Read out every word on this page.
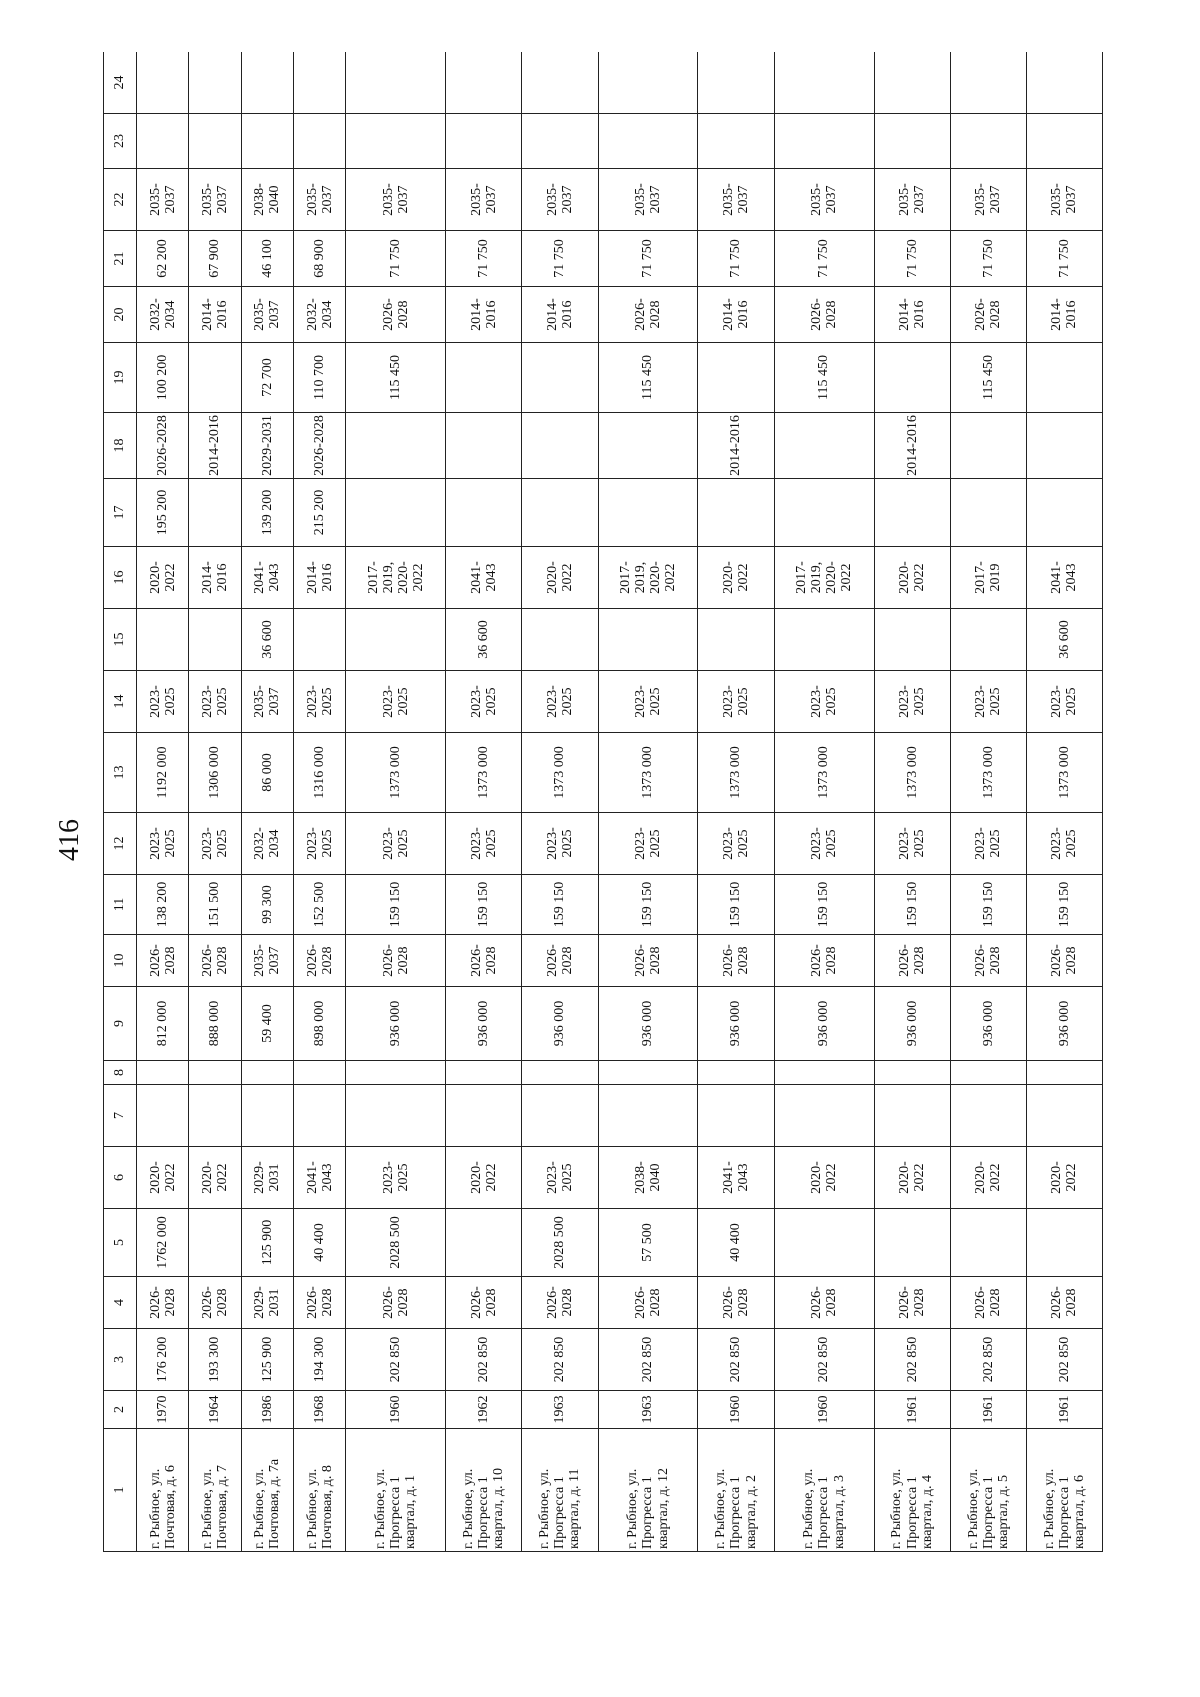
416
1	2	3	4	5	6	7	8	9	10	11	12	13	14	15	16	17	18	19	20	21	22	23	24
г. Рыбное, ул. Почтовая, д. 6	1970	176 200	2026-2028	1762 000	2020-2022			812 000	2026-2028	138 200	2023-2025	1192 000	2023-2025		2020-2022	195 200	2026-2028	100 200	2032-2034	62 200	2035-2037		
г. Рыбное, ул. Почтовая, д. 7	1964	193 300	2026-2028		2020-2022			888 000	2026-2028	151 500	2023-2025	1306 000	2023-2025		2014-2016		2014-2016		2014-2016	67 900	2035-2037		
г. Рыбное, ул. Почтовая, д. 7а	1986	125 900	2029-2031	125 900	2029-2031			59 400	2035-2037	99 300	2032-2034	86 000	2035-2037	36 600	2041-2043	139 200	2029-2031	72 700	2035-2037	46 100	2038-2040		
г. Рыбное, ул. Почтовая, д. 8	1968	194 300	2026-2028	40 400	2041-2043			898 000	2026-2028	152 500	2023-2025	1316 000	2023-2025		2014-2016	215 200	2026-2028	110 700	2032-2034	68 900	2035-2037		
г. Рыбное, ул. Прогресса 1 квартал, д. 1	1960	202 850	2026-2028	2028 500	2023-2025			936 000	2026-2028	159 150	2023-2025	1373 000	2023-2025		2017-2019, 2020-2022			115 450	2026-2028	71 750	2035-2037		
г. Рыбное, ул. Прогресса 1 квартал, д. 10	1962	202 850	2026-2028		2020-2022			936 000	2026-2028	159 150	2023-2025	1373 000	2023-2025	36 600	2041-2043				2014-2016	71 750	2035-2037		
г. Рыбное, ул. Прогресса 1 квартал, д. 11	1963	202 850	2026-2028	2028 500	2023-2025			936 000	2026-2028	159 150	2023-2025	1373 000	2023-2025		2020-2022				2014-2016	71 750	2035-2037		
г. Рыбное, ул. Прогресса 1 квартал, д. 12	1963	202 850	2026-2028	57 500	2038-2040			936 000	2026-2028	159 150	2023-2025	1373 000	2023-2025		2017-2019, 2020-2022			115 450	2026-2028	71 750	2035-2037		
г. Рыбное, ул. Прогресса 1 квартал, д. 2	1960	202 850	2026-2028	40 400	2041-2043			936 000	2026-2028	159 150	2023-2025	1373 000	2023-2025		2020-2022		2014-2016		2014-2016	71 750	2035-2037		
г. Рыбное, ул. Прогресса 1 квартал, д. 3	1960	202 850	2026-2028		2020-2022			936 000	2026-2028	159 150	2023-2025	1373 000	2023-2025		2017-2019, 2020-2022			115 450	2026-2028	71 750	2035-2037		
г. Рыбное, ул. Прогресса 1 квартал, д. 4	1961	202 850	2026-2028		2020-2022			936 000	2026-2028	159 150	2023-2025	1373 000	2023-2025		2020-2022		2014-2016		2014-2016	71 750	2035-2037		
г. Рыбное, ул. Прогресса 1 квартал, д. 5	1961	202 850	2026-2028		2020-2022			936 000	2026-2028	159 150	2023-2025	1373 000	2023-2025		2017-2019			115 450	2026-2028	71 750	2035-2037		
г. Рыбное, ул. Прогресса 1 квартал, д. 6	1961	202 850	2026-2028		2020-2022			936 000	2026-2028	159 150	2023-2025	1373 000	2023-2025	36 600	2041-2043				2014-2016	71 750	2035-2037		
